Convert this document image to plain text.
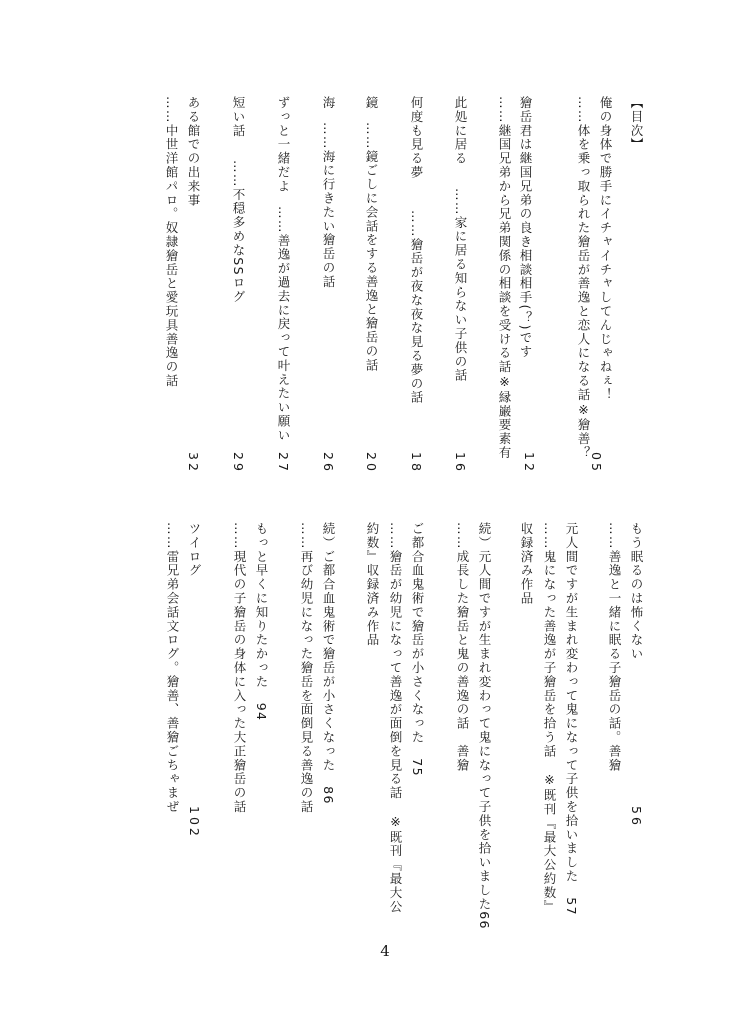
【目次】
俺の身体で勝手にイチャイチャしてんじゃねぇ！
……体を乗っ取られた獪岳が善逸と恋人になる話※獪善？
05
獪岳君は継国兄弟の良き相談相手(？)です
……継国兄弟から兄弟関係の相談を受ける話※縁巌要素有
12
此処に居る
……家に居る知らない子供の話
16
何度も見る夢
……獪岳が夜な夜な見る夢の話
18
鏡
……鏡ごしに会話をする善逸と獪岳の話
20
海
……海に行きたい獪岳の話
26
ずっと一緒だよ
……善逸が過去に戻って叶えたい願い
27
短い話
……不穏多めなSSログ
29
ある館での出来事
……中世洋館パロ。奴隷獪岳と愛玩具善逸の話
32
もう眠るのは怖くない
……善逸と一緒に眠る子獪岳の話。善獪
56
元人間ですが生まれ変わって鬼になって子供を拾いました　57
……鬼になった善逸が子獪岳を拾う話　※既刊『最大公約数』
収録済み作品
続）元人間ですが生まれ変わって鬼になって子供を拾いました66
……成長した獪岳と鬼の善逸の話　善獪
ご都合血鬼術で獪岳が小さくなった　75
……獪岳が幼児になって善逸が面倒を見る話　※既刊『最大公
約数』収録済み作品
続）ご都合血鬼術で獪岳が小さくなった　86
……再び幼児になった獪岳を面倒見る善逸の話
もっと早くに知りたかった　94
……現代の子獪岳の身体に入った大正獪岳の話
ツイログ
……雷兄弟会話文ログ。獪善、善獪ごちゃまぜ
102
4
